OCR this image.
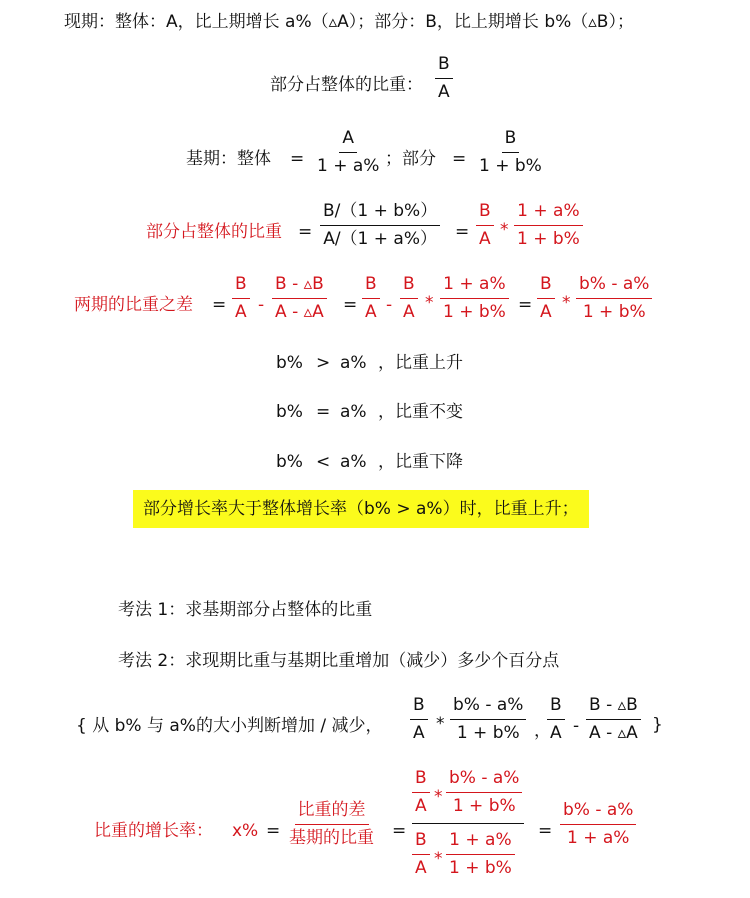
现期：整体：A，比上期增长 a%（▵A）；部分：B，比上期增长 b%（▵B）；
部分占整体的比重： $\frac{B}{A}$
基期：整体 = $\frac{A}{1 + a\%}$ ；部分 = $\frac{B}{1 + b\%}$
部分占整体的比重 = $\frac{B/(1 + b\%)}{A/(1 + a\%)} = \frac{B}{A} * \frac{1 + a\%}{1 + b\%}$
两期的比重之差 = $\frac{B}{A} - \frac{B - ▵B}{A - ▵A} = \frac{B}{A} - \frac{B}{A} * \frac{1 + a\%}{1 + b\%} = \frac{B}{A} * \frac{b\% - a\%}{1 + b\%}$
b% > a% ，比重上升
b% = a% ，比重不变
b% < a% ，比重下降
部分增长率大于整体增长率（b% > a%）时，比重上升；
考法 1：求基期部分占整体的比重
考法 2：求现期比重与基期比重增加（减少）多少个百分点
{ 从 b% 与 a%的大小判断增加 / 减少， $\frac{B}{A} * \frac{b\% - a\%}{1 + b\%}$ ，
$\frac{B}{A} - \frac{B - ▵B}{A - ▵A}$ }
比重的增长率： x% =
比重的差
基期的比重 =
$\frac{B}{A} * \frac{b\% - a\%}{1 + b\%}$
$\frac{B}{A} * \frac{1 + a\%}{1 + b\%} = \frac{b\% - a\%}{1 + a\%}$
